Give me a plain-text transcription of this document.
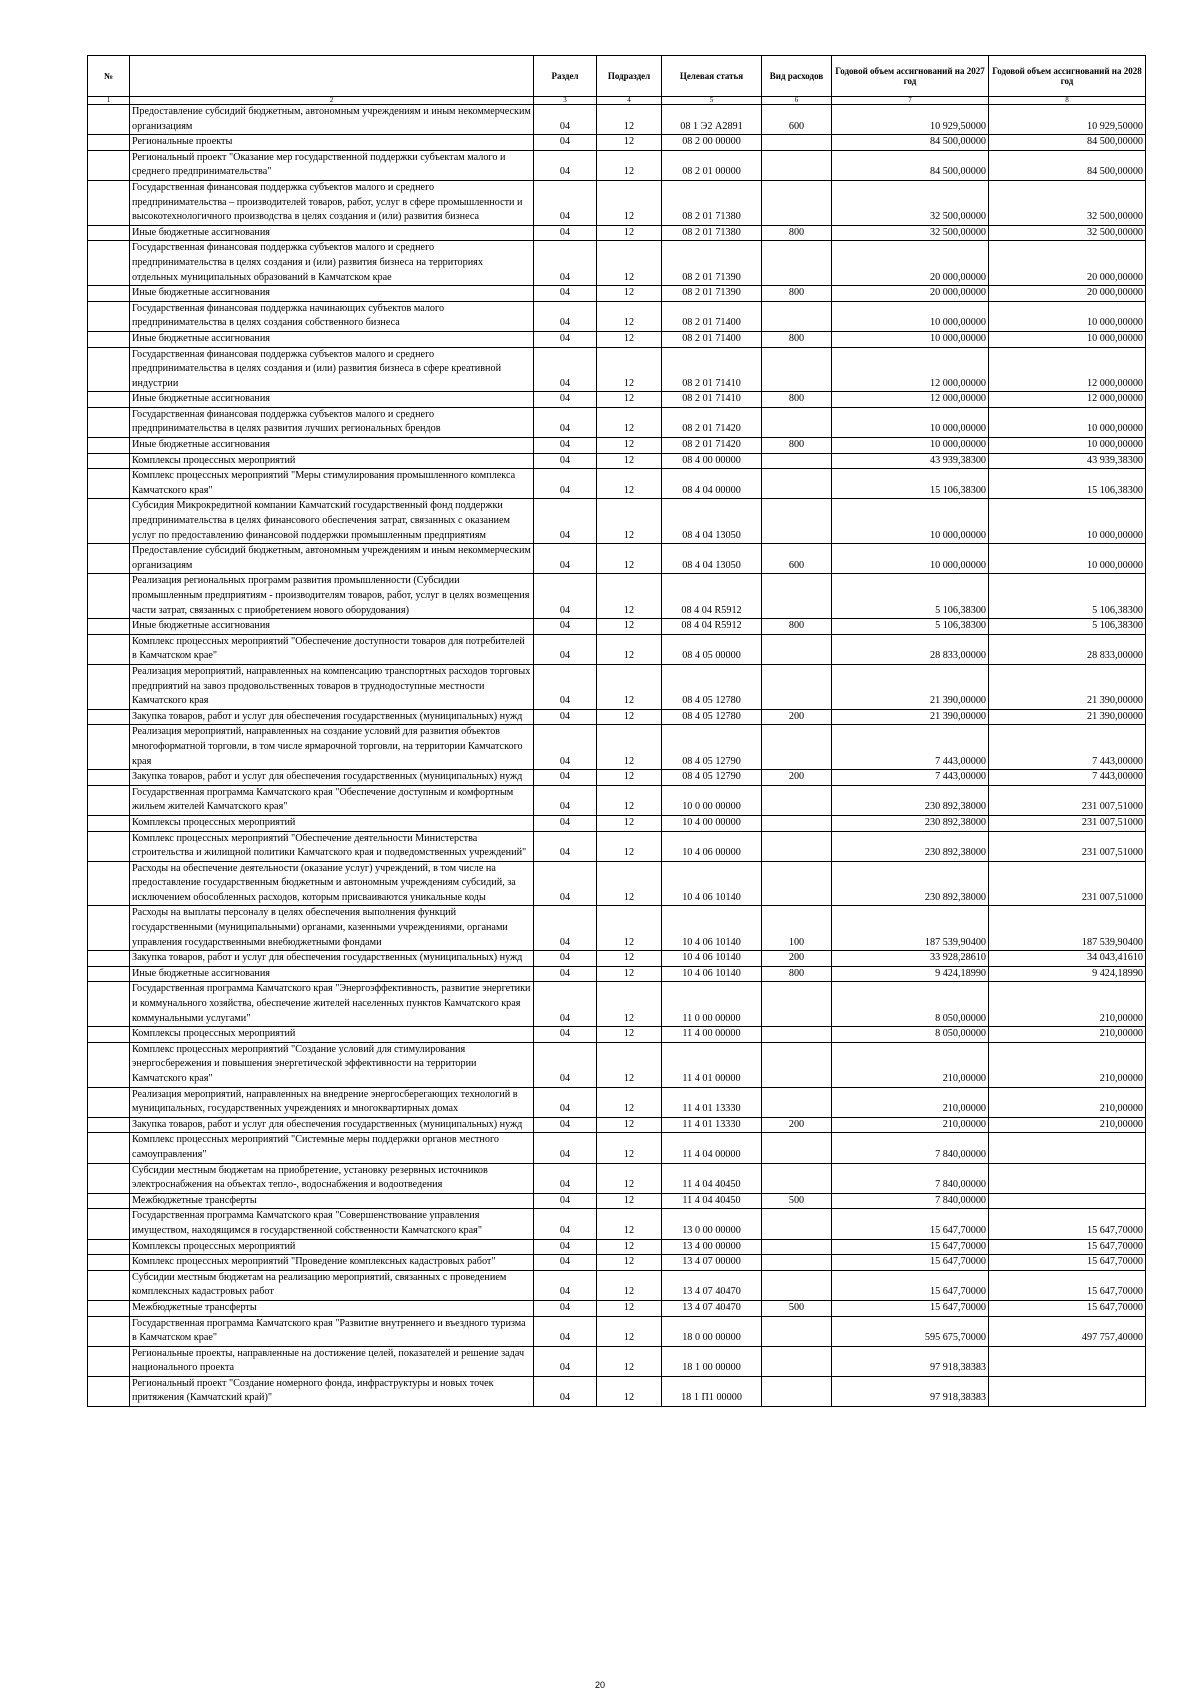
№		Раздел	Подраздел	Целевая статья	Вид расходов	Годовой объем ассигнований на 2027 год	Годовой объем ассигнований на 2028 год
1	2	3	4	5	6	7	8
	Предоставление субсидий бюджетным, автономным учреждениям и иным некоммерческим организациям	04	12	08 1 Э2 А2891	600	10 929,50000	10 929,50000
	Региональные проекты	04	12	08 2 00 00000		84 500,00000	84 500,00000
	Региональный проект "Оказание мер государственной поддержки субъектам малого и среднего предпринимательства"	04	12	08 2 01 00000		84 500,00000	84 500,00000
	Государственная финансовая поддержка субъектов малого и среднего предпринимательства – производителей товаров, работ, услуг в сфере промышленности и высокотехнологичного производства в целях создания и (или) развития бизнеса	04	12	08 2 01 71380		32 500,00000	32 500,00000
	Иные бюджетные ассигнования	04	12	08 2 01 71380	800	32 500,00000	32 500,00000
	Государственная финансовая поддержка субъектов малого и среднего предпринимательства в целях создания и (или) развития бизнеса на территориях отдельных муниципальных образований в Камчатском крае	04	12	08 2 01 71390		20 000,00000	20 000,00000
	Иные бюджетные ассигнования	04	12	08 2 01 71390	800	20 000,00000	20 000,00000
	Государственная финансовая поддержка начинающих субъектов малого предпринимательства в целях создания собственного бизнеса	04	12	08 2 01 71400		10 000,00000	10 000,00000
	Иные бюджетные ассигнования	04	12	08 2 01 71400	800	10 000,00000	10 000,00000
	Государственная финансовая поддержка субъектов малого и среднего предпринимательства в целях создания и (или) развития бизнеса в сфере креативной индустрии	04	12	08 2 01 71410		12 000,00000	12 000,00000
	Иные бюджетные ассигнования	04	12	08 2 01 71410	800	12 000,00000	12 000,00000
	Государственная финансовая поддержка субъектов малого и среднего предпринимательства в целях развития лучших региональных брендов	04	12	08 2 01 71420		10 000,00000	10 000,00000
	Иные бюджетные ассигнования	04	12	08 2 01 71420	800	10 000,00000	10 000,00000
	Комплексы процессных мероприятий	04	12	08 4 00 00000		43 939,38300	43 939,38300
	Комплекс процессных мероприятий "Меры стимулирования промышленного комплекса Камчатского края"	04	12	08 4 04 00000		15 106,38300	15 106,38300
	Субсидия Микрокредитной компании Камчатский государственный фонд поддержки предпринимательства в целях финансового обеспечения затрат, связанных с оказанием услуг по предоставлению финансовой поддержки промышленным предприятиям	04	12	08 4 04 13050		10 000,00000	10 000,00000
	Предоставление субсидий бюджетным, автономным учреждениям и иным некоммерческим организациям	04	12	08 4 04 13050	600	10 000,00000	10 000,00000
	Реализация региональных программ развития промышленности (Субсидии промышленным предприятиям - производителям товаров, работ, услуг в целях возмещения части затрат, связанных с приобретением нового оборудования)	04	12	08 4 04 R5912		5 106,38300	5 106,38300
	Иные бюджетные ассигнования	04	12	08 4 04 R5912	800	5 106,38300	5 106,38300
	Комплекс процессных мероприятий "Обеспечение доступности товаров для потребителей в Камчатском крае"	04	12	08 4 05 00000		28 833,00000	28 833,00000
	Реализация мероприятий, направленных на компенсацию транспортных расходов торговых предприятий на завоз продовольственных товаров в труднодоступные местности Камчатского края	04	12	08 4 05 12780		21 390,00000	21 390,00000
	Закупка товаров, работ и услуг для обеспечения государственных (муниципальных) нужд	04	12	08 4 05 12780	200	21 390,00000	21 390,00000
	Реализация мероприятий, направленных на создание условий для развития объектов многоформатной торговли, в том числе ярмарочной торговли, на территории Камчатского края	04	12	08 4 05 12790		7 443,00000	7 443,00000
	Закупка товаров, работ и услуг для обеспечения государственных (муниципальных) нужд	04	12	08 4 05 12790	200	7 443,00000	7 443,00000
	Государственная программа Камчатского края "Обеспечение доступным и комфортным жильем жителей Камчатского края"	04	12	10 0 00 00000		230 892,38000	231 007,51000
	Комплексы процессных мероприятий	04	12	10 4 00 00000		230 892,38000	231 007,51000
	Комплекс процессных мероприятий "Обеспечение деятельности Министерства строительства и жилищной политики Камчатского края и подведомственных учреждений"	04	12	10 4 06 00000		230 892,38000	231 007,51000
	Расходы на обеспечение деятельности (оказание услуг) учреждений, в том числе на предоставление государственным бюджетным и автономным учреждениям субсидий, за исключением обособленных расходов, которым присваиваются уникальные коды	04	12	10 4 06 10140		230 892,38000	231 007,51000
	Расходы на выплаты персоналу в целях обеспечения выполнения функций государственными (муниципальными) органами, казенными учреждениями, органами управления государственными внебюджетными фондами	04	12	10 4 06 10140	100	187 539,90400	187 539,90400
	Закупка товаров, работ и услуг для обеспечения государственных (муниципальных) нужд	04	12	10 4 06 10140	200	33 928,28610	34 043,41610
	Иные бюджетные ассигнования	04	12	10 4 06 10140	800	9 424,18990	9 424,18990
	Государственная программа Камчатского края "Энергоэффективность, развитие энергетики и коммунального хозяйства, обеспечение жителей населенных пунктов Камчатского края коммунальными услугами"	04	12	11 0 00 00000		8 050,00000	210,00000
	Комплексы процессных мероприятий	04	12	11 4 00 00000		8 050,00000	210,00000
	Комплекс процессных мероприятий "Создание условий для стимулирования энергосбережения и повышения энергетической эффективности на территории Камчатского края"	04	12	11 4 01 00000		210,00000	210,00000
	Реализация мероприятий, направленных на внедрение энергосберегающих технологий в муниципальных, государственных учреждениях и многоквартирных домах	04	12	11 4 01 13330		210,00000	210,00000
	Закупка товаров, работ и услуг для обеспечения государственных (муниципальных) нужд	04	12	11 4 01 13330	200	210,00000	210,00000
	Комплекс процессных мероприятий "Системные меры поддержки органов местного самоуправления"	04	12	11 4 04 00000		7 840,00000	
	Субсидии местным бюджетам на приобретение, установку резервных источников электроснабжения на объектах тепло-, водоснабжения и водоотведения	04	12	11 4 04 40450		7 840,00000	
	Межбюджетные трансферты	04	12	11 4 04 40450	500	7 840,00000	
	Государственная программа Камчатского края "Совершенствование управления имуществом, находящимся в государственной собственности Камчатского края"	04	12	13 0 00 00000		15 647,70000	15 647,70000
	Комплексы процессных мероприятий	04	12	13 4 00 00000		15 647,70000	15 647,70000
	Комплекс процессных мероприятий "Проведение комплексных кадастровых работ"	04	12	13 4 07 00000		15 647,70000	15 647,70000
	Субсидии местным бюджетам на реализацию мероприятий, связанных с проведением комплексных кадастровых работ	04	12	13 4 07 40470		15 647,70000	15 647,70000
	Межбюджетные трансферты	04	12	13 4 07 40470	500	15 647,70000	15 647,70000
	Государственная программа Камчатского края "Развитие внутреннего и въездного туризма в Камчатском крае"	04	12	18 0 00 00000		595 675,70000	497 757,40000
	Региональные проекты, направленные на достижение целей, показателей и решение задач национального проекта	04	12	18 1 00 00000		97 918,38383	
	Региональный проект "Создание номерного фонда, инфраструктуры и новых точек притяжения (Камчатский край)"	04	12	18 1 П1 00000		97 918,38383	
20
